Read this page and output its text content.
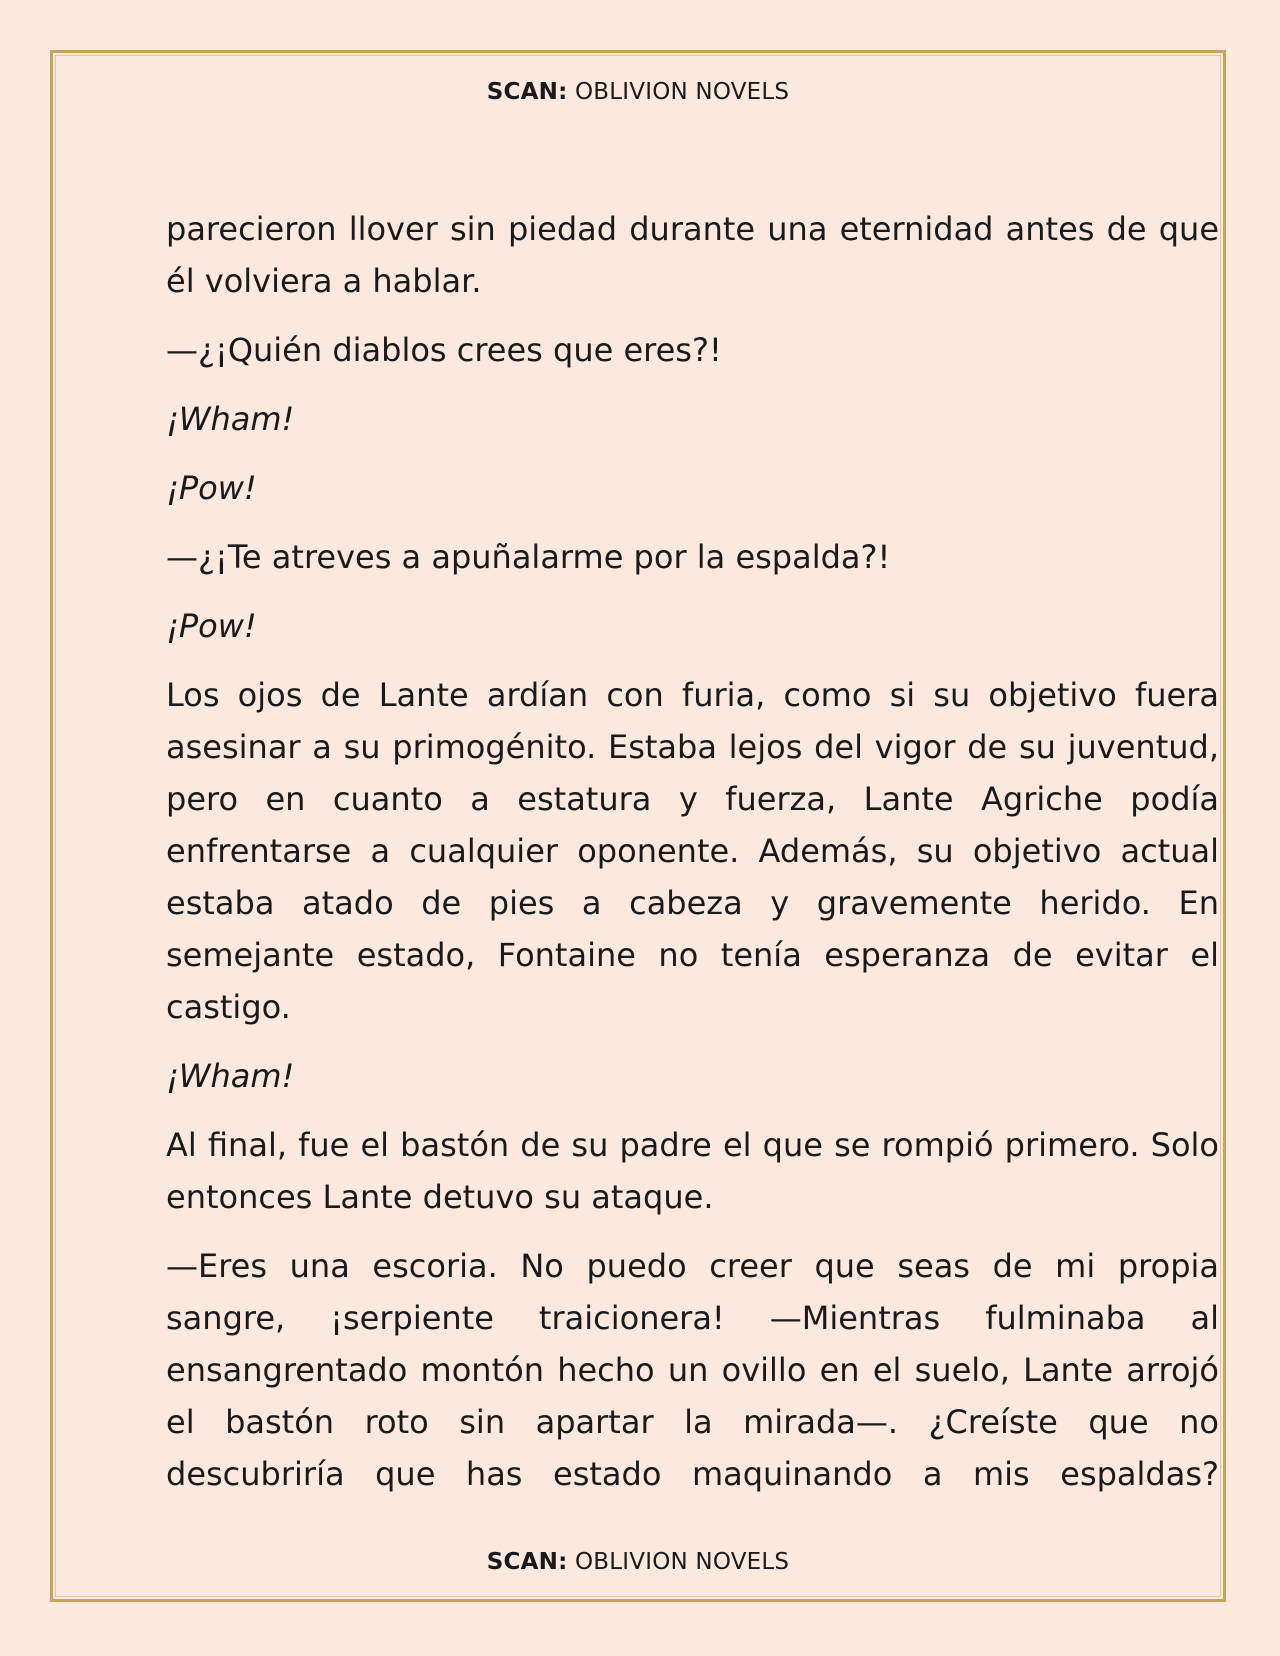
SCAN: OBLIVION NOVELS

parecieron llover sin piedad durante una eternidad antes de que él volviera a hablar.

—¿¡Quién diablos crees que eres?!

¡Wham!

¡Pow!

—¿¡Te atreves a apuñalarme por la espalda?!

¡Pow!

Los ojos de Lante ardían con furia, como si su objetivo fuera asesinar a su primogénito. Estaba lejos del vigor de su juventud, pero en cuanto a estatura y fuerza, Lante Agriche podía enfrentarse a cualquier oponente. Además, su objetivo actual estaba atado de pies a cabeza y gravemente herido. En semejante estado, Fontaine no tenía esperanza de evitar el castigo.

¡Wham!

Al final, fue el bastón de su padre el que se rompió primero. Solo entonces Lante detuvo su ataque.

—Eres una escoria. No puedo creer que seas de mi propia sangre, ¡serpiente traicionera! —Mientras fulminaba al ensangrentado montón hecho un ovillo en el suelo, Lante arrojó el bastón roto sin apartar la mirada—. ¿Creíste que no descubriría que has estado maquinando a mis espaldas?

SCAN: OBLIVION NOVELS
